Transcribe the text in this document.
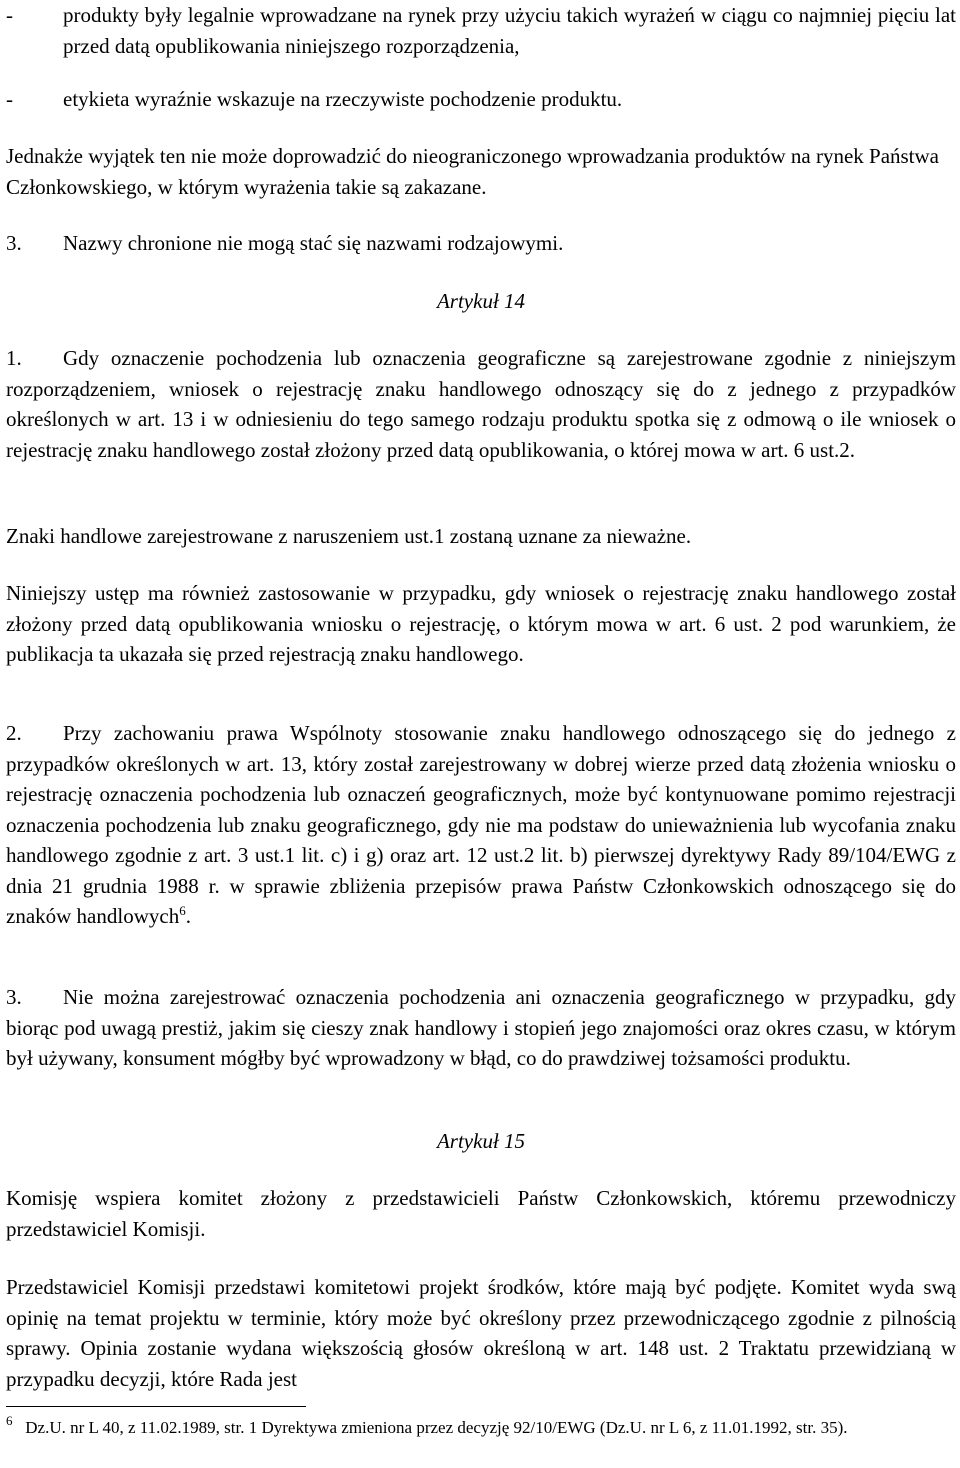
-	produkty były legalnie wprowadzane na rynek przy użyciu takich wyrażeń w ciągu co najmniej pięciu lat przed datą opublikowania niniejszego rozporządzenia,

-	etykieta wyraźnie wskazuje na rzeczywiste pochodzenie produktu.

Jednakże wyjątek ten nie może doprowadzić do nieograniczonego wprowadzania produktów na rynek Państwa Członkowskiego, w którym wyrażenia takie są zakazane.

3. Nazwy chronione nie mogą stać się nazwami rodzajowymi.

Artykuł 14

1. Gdy oznaczenie pochodzenia lub oznaczenia geograficzne są zarejestrowane zgodnie z niniejszym rozporządzeniem, wniosek o rejestrację znaku handlowego odnoszący się do z jednego z przypadków określonych w art. 13 i w odniesieniu do tego samego rodzaju produktu spotka się z odmową o ile wniosek o rejestrację znaku handlowego został złożony przed datą opublikowania, o której mowa w art. 6 ust.2.

Znaki handlowe zarejestrowane z naruszeniem ust.1 zostaną uznane za nieważne.

Niniejszy ustęp ma również zastosowanie w przypadku, gdy wniosek o rejestrację znaku handlowego został złożony przed datą opublikowania wniosku o rejestrację, o którym mowa w art. 6 ust. 2 pod warunkiem, że publikacja ta ukazała się przed rejestracją znaku handlowego.

2. Przy zachowaniu prawa Wspólnoty stosowanie znaku handlowego odnoszącego się do jednego z przypadków określonych w art. 13, który został zarejestrowany w dobrej wierze przed datą złożenia wniosku o rejestrację oznaczenia pochodzenia lub oznaczeń geograficznych, może być kontynuowane pomimo rejestracji oznaczenia pochodzenia lub znaku geograficznego, gdy nie ma podstaw do unieważnienia lub wycofania znaku handlowego zgodnie z art. 3 ust.1 lit. c) i g) oraz art. 12 ust.2 lit. b) pierwszej dyrektywy Rady 89/104/EWG z dnia 21 grudnia 1988 r. w sprawie zbliżenia przepisów prawa Państw Członkowskich odnoszącego się do znaków handlowych$^6$.

3. Nie można zarejestrować oznaczenia pochodzenia ani oznaczenia geograficznego w przypadku, gdy biorąc pod uwagą prestiż, jakim się cieszy znak handlowy i stopień jego znajomości oraz okres czasu, w którym był używany, konsument mógłby być wprowadzony w błąd, co do prawdziwej tożsamości produktu.

Artykuł 15

Komisję wspiera komitet złożony z przedstawicieli Państw Członkowskich, któremu przewodniczy przedstawiciel Komisji.

Przedstawiciel Komisji przedstawi komitetowi projekt środków, które mają być podjęte. Komitet wyda swą opinię na temat projektu w terminie, który może być określony przez przewodniczącego zgodnie z pilnością sprawy. Opinia zostanie wydana większością głosów określoną w art. 148 ust. 2 Traktatu przewidzianą w przypadku decyzji, które Rada jest

$^6$ Dz.U. nr L 40, z 11.02.1989, str. 1 Dyrektywa zmieniona przez decyzję 92/10/EWG (Dz.U. nr L 6, z 11.01.1992, str. 35).
